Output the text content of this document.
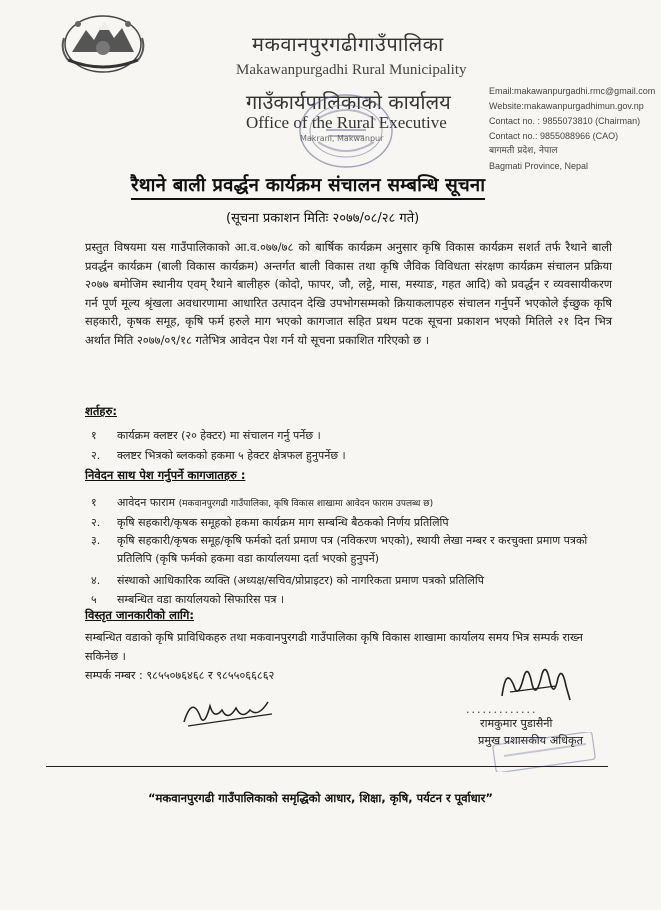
मकवानपुरगढीगाउँपालिका
Makawanpurgadhi Rural Municipality
गाउँकार्यपालिकाको कार्यालय
Office of the Rural Executive
Makrani, Makwanpur
Email:makawanpurgadhi.rmc@gmail.com
Website:makawanpurgadhimun.gov.np
Contact no. : 9855073810 (Chairman)
Contact no.: 9855088966 (CAO)
बागमती प्रदेश, नेपाल
Bagmati Province, Nepal
रैथाने बाली प्रवर्द्धन कार्यक्रम संचालन सम्बन्धि सूचना
(सूचना प्रकाशन मितिः २०७७/०८/२८ गते)
प्रस्तुत विषयमा यस गाउँपालिकाको आ.व.०७७/७८ को बार्षिक कार्यक्रम अनुसार कृषि विकास कार्यक्रम सशर्त तर्फ रैथाने बाली प्रवर्द्धन कार्यक्रम (बाली विकास कार्यक्रम) अन्तर्गत बाली विकास तथा कृषि जैविक विविधता संरक्षण कार्यक्रम संचालन प्रक्रिया २०७७ बमोजिम स्थानीय एवम् रैथाने बालीहरु (कोदो, फापर, जौ, लट्टे, मास, मस्याङ, गहत आदि) को प्रवर्द्धन र व्यवसायीकरण गर्न पूर्ण मूल्य श्रृंखला अवधारणामा आधारित उत्पादन देखि उपभोगसम्मको क्रियाकलापहरु संचालन गर्नुपर्ने भएकोले ईच्छुक कृषि सहकारी, कृषक समूह, कृषि फर्म हरुले माग भएको कागजात सहित प्रथम पटक सूचना प्रकाशन भएको मितिले २१ दिन भित्र अर्थात मिति २०७७/०९/१८ गतेभित्र आवेदन पेश गर्न यो सूचना प्रकाशित गरिएको छ ।
शर्तहरु:
१ कार्यक्रम क्लष्टर (२० हेक्टर) मा संचालन गर्नु पर्नेछ ।
२. क्लष्टर भित्रको ब्लकको हकमा ५ हेक्टर क्षेत्रफल हुनुपर्नेछ ।
निवेदन साथ पेश गर्नुपर्ने कागजातहरु :
१	आवेदन फाराम (मकवानपुरगढी गाउँपालिका, कृषि विकास शाखामा आवेदन फाराम उपलब्ध छ)
२.	कृषि सहकारी/कृषक समूहको हकमा कार्यक्रम माग सम्बन्धि बैठकको निर्णय प्रतिलिपि
३.	कृषि सहकारी/कृषक समूह/कृषि फर्मको दर्ता प्रमाण पत्र (नविकरण भएको), स्थायी लेखा नम्बर र करचुक्ता प्रमाण पत्रको प्रतिलिपि (कृषि फर्मको हकमा वडा कार्यालयमा दर्ता भएको हुनुपर्ने)
४.	संस्थाको आधिकारिक व्यक्ति (अध्यक्ष/सचिव/प्रोप्राइटर) को नागरिकता प्रमाण पत्रको प्रतिलिपि
५	सम्बन्धित वडा कार्यालयको सिफारिस पत्र ।
विस्तृत जानकारीको लागि:
सम्बन्धित वडाको कृषि प्राविधिकहरु तथा मकवानपुरगढी गाउँपालिका कृषि विकास शाखामा कार्यालय समय भित्र सम्पर्क राख्न सकिनेछ ।
सम्पर्क नम्बर : ९८५५०७६४६८ र ९८५५०६६८६२
.............
रामकुमार पुडासैनी
प्रमुख प्रशासकीय अधिकृत
“मकवानपुरगढी गाउँपालिकाको समृद्धिको आधार, शिक्षा, कृषि, पर्यटन र पूर्वाधार”
